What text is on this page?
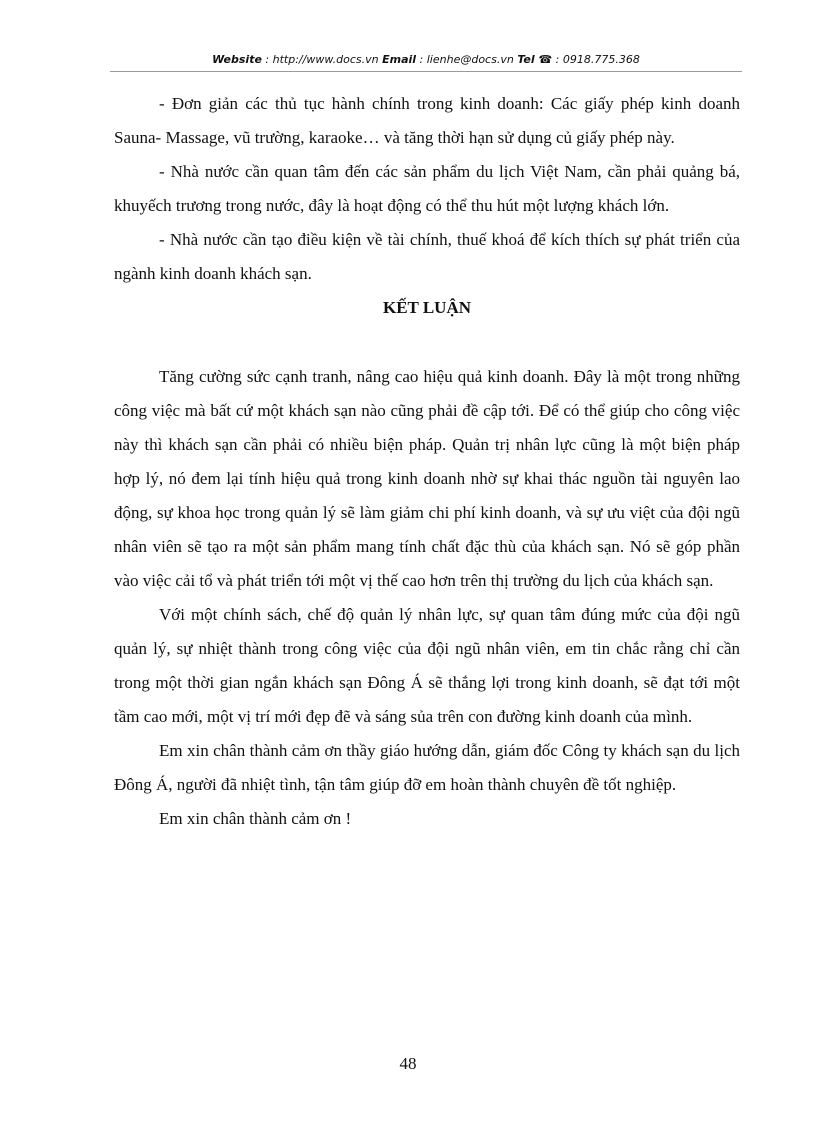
Website : http://www.docs.vn Email : lienhe@docs.vn Tel ☎ : 0918.775.368

- Đơn giản các thủ tục hành chính trong kinh doanh: Các giấy phép kinh doanh Sauna- Massage, vũ trường, karaoke… và tăng thời hạn sử dụng củ giấy phép này.

- Nhà nước cần quan tâm đến các sản phẩm du lịch Việt Nam, cần phải quảng bá, khuyếch trương trong nước, đây là hoạt động có thể thu hút một lượng khách lớn.

- Nhà nước cần tạo điều kiện về tài chính, thuế khoá để kích thích sự phát triển của ngành kinh doanh khách sạn.

KẾT LUẬN

Tăng cường sức cạnh tranh, nâng cao hiệu quả kinh doanh. Đây là một trong những công việc mà bất cứ một khách sạn nào cũng phải đề cập tới. Để có thể giúp cho công việc này thì khách sạn cần phải có nhiều biện pháp. Quản trị nhân lực cũng là một biện pháp hợp lý, nó đem lại tính hiệu quả trong kinh doanh nhờ sự khai thác nguồn tài nguyên lao động, sự khoa học trong quản lý sẽ làm giảm chi phí kinh doanh, và sự ưu việt của đội ngũ nhân viên sẽ tạo ra một sản phẩm mang tính chất đặc thù của khách sạn. Nó sẽ góp phần vào việc cải tổ và phát triển tới một vị thế cao hơn trên thị trường du lịch của khách sạn.

Với một chính sách, chế độ quản lý nhân lực, sự quan tâm đúng mức của đội ngũ quản lý, sự nhiệt thành trong công việc của đội ngũ nhân viên, em tin chắc rằng chỉ cần trong một thời gian ngắn khách sạn Đông Á sẽ thắng lợi trong kinh doanh, sẽ đạt tới một tầm cao mới, một vị trí mới đẹp đẽ và sáng sủa trên con đường kinh doanh của mình.

Em xin chân thành cảm ơn thầy giáo hướng dẫn, giám đốc Công ty khách sạn du lịch Đông Á, người đã nhiệt tình, tận tâm giúp đỡ em hoàn thành chuyên đề tốt nghiệp.

Em xin chân thành cảm ơn !

48
